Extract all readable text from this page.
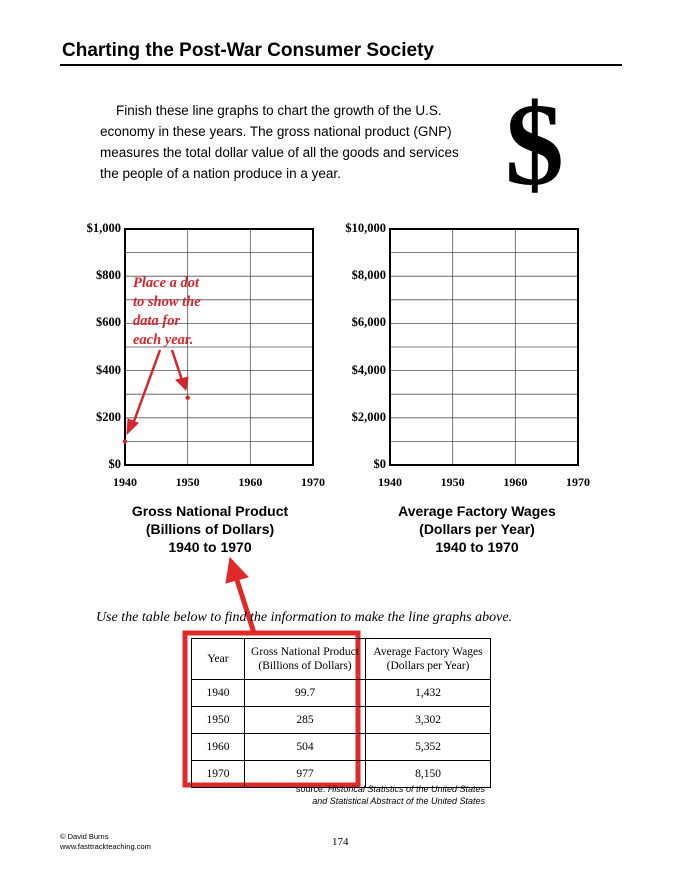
Charting the Post-War Consumer Society
Finish these line graphs to chart the growth of the U.S.
economy in these years. The gross national product (GNP)
measures the total dollar value of all the goods and services
the people of a nation produce in a year.	$
$1,000
$800
$600
$400
$200
$0
1940	1950	1960	1970
$10,000
$8,000
$6,000
$4,000
$2,000
$0
1940	1950	1960	1970
Place a dot
to show the
data for
each year.
Gross National Product
(Billions of Dollars)
1940 to 1970
Average Factory Wages
(Dollars per Year)
1940 to 1970
Use the table below to find the information to make the line graphs above.
Year	Gross National Product
(Billions of Dollars)	Average Factory Wages
(Dollars per Year)
1940	99.7	1,432
1950	285	3,302
1960	504	5,352
1970	977	8,150
source: Historical Statistics of the United States
and Statistical Abstract of the United States
© David Burns
www.fasttrackteaching.com	174
